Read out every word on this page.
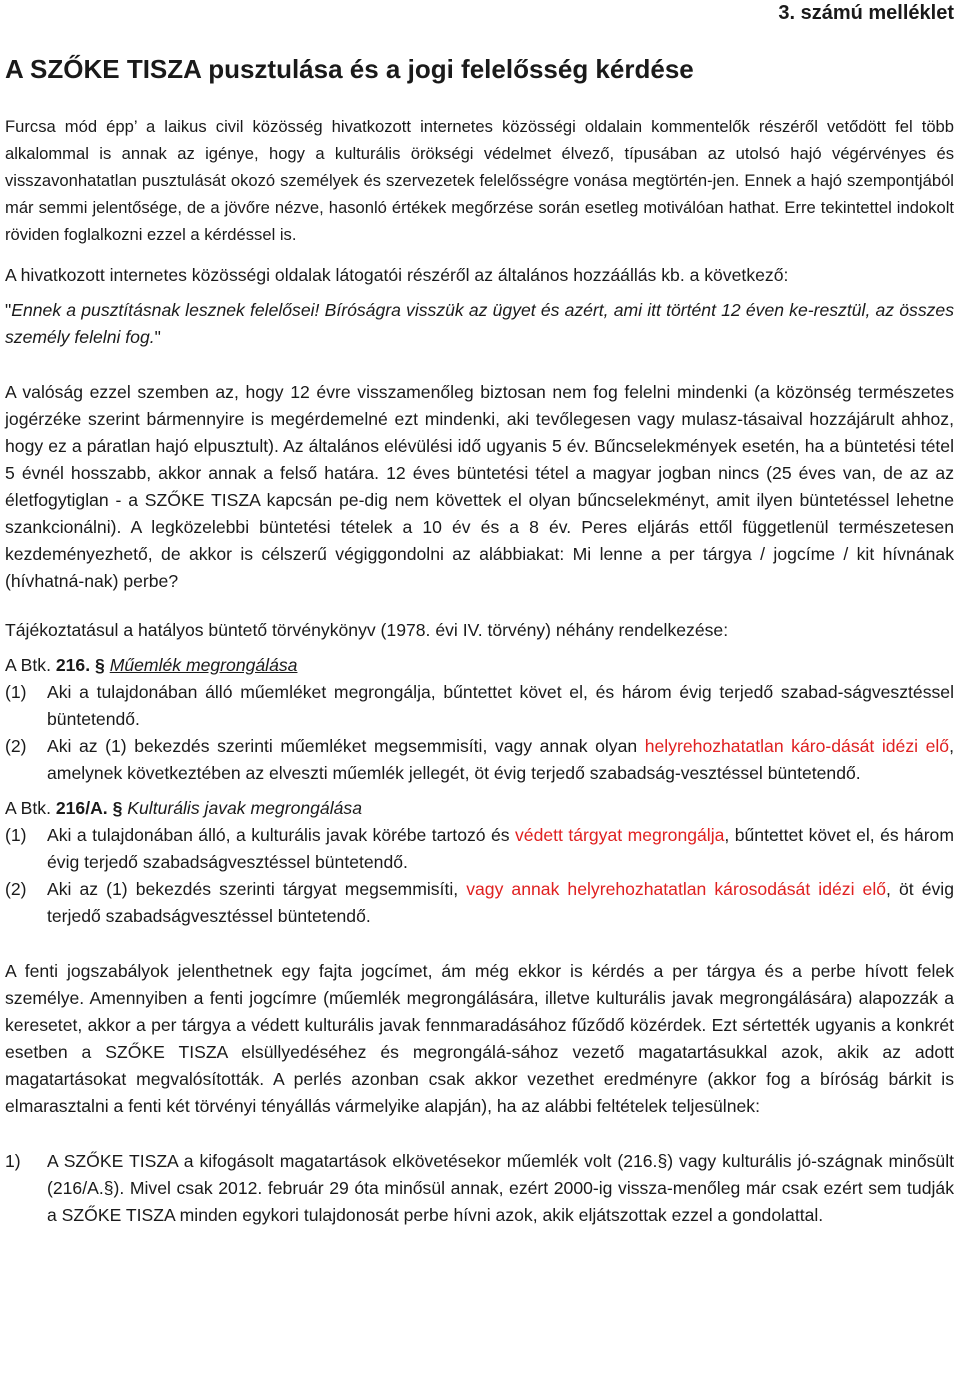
3. számú melléklet
A SZŐKE TISZA pusztulása és a jogi felelősség kérdése

Furcsa mód épp’ a laikus civil közösség hivatkozott internetes közösségi oldalain kommentelők részéről vetődött fel több alkalommal is annak az igénye, hogy a kulturális örökségi védelmet élvező, típusában az utolsó hajó végérvényes és visszavonhatatlan pusztulását okozó személyek és szervezetek felelősségre vonása megtörtén-jen. Ennek a hajó szempontjából már semmi jelentősége, de a jövőre nézve, hasonló értékek megőrzése során esetleg motiválóan hathat. Erre tekintettel indokolt röviden foglalkozni ezzel a kérdéssel is.

A hivatkozott internetes közösségi oldalak látogatói részéről az általános hozzáállás kb. a következő:

"Ennek a pusztításnak lesznek felelősei! Bíróságra visszük az ügyet és azért, ami itt történt 12 éven ke-resztül, az összes személy felelni fog."

A valóság ezzel szemben az, hogy 12 évre visszamenőleg biztosan nem fog felelni mindenki (a közönség természetes jogérzéke szerint bármennyire is megérdemelné ezt mindenki, aki tevőlegesen vagy mulasz-tásaival hozzájárult ahhoz, hogy ez a páratlan hajó elpusztult). Az általános elévülési idő ugyanis 5 év. Bűncselekmények esetén, ha a büntetési tétel 5 évnél hosszabb, akkor annak a felső határa. 12 éves büntetési tétel a magyar jogban nincs (25 éves van, de az az életfogytiglan - a SZŐKE TISZA kapcsán pe-dig nem követtek el olyan bűncselekményt, amit ilyen büntetéssel lehetne szankcionálni). A legközelebbi büntetési tételek a 10 év és a 8 év. Peres eljárás ettől függetlenül természetesen kezdeményezhető, de akkor is célszerű végiggondolni az alábbiakat: Mi lenne a per tárgya / jogcíme / kit hívnának (hívhatná-nak) perbe?

Tájékoztatásul a hatályos büntető törvénykönyv (1978. évi IV. törvény) néhány rendelkezése:

A Btk. 216. § Műemlék megrongálása

(1)	Aki a tulajdonában álló műemléket megrongálja, bűntettet követ el, és három évig terjedő szabad-ságvesztéssel büntetendő.
(2)	Aki az (1) bekezdés szerinti műemléket megsemmisíti, vagy annak olyan helyrehozhatatlan káro-dását idézi elő, amelynek következtében az elveszti műemlék jellegét, öt évig terjedő szabadság-vesztéssel büntetendő.

A Btk. 216/A. § Kulturális javak megrongálása

(1)	Aki a tulajdonában álló, a kulturális javak körébe tartozó és védett tárgyat megrongálja, bűntettet követ el, és három évig terjedő szabadságvesztéssel büntetendő.
(2)	Aki az (1) bekezdés szerinti tárgyat megsemmisíti, vagy annak helyrehozhatatlan károsodását idézi elő, öt évig terjedő szabadságvesztéssel büntetendő.

A fenti jogszabályok jelenthetnek egy fajta jogcímet, ám még ekkor is kérdés a per tárgya és a perbe hívott felek személye. Amennyiben a fenti jogcímre (műemlék megrongálására, illetve kulturális javak megrongálására) alapozzák a keresetet, akkor a per tárgya a védett kulturális javak fennmaradásához fűződő közérdek. Ezt sértették ugyanis a konkrét esetben a SZŐKE TISZA elsüllyedéséhez és megrongálá-sához vezető magatartásukkal azok, akik az adott magatartásokat megvalósították. A perlés azonban csak akkor vezethet eredményre (akkor fog a bíróság bárkit is elmarasztalni a fenti két törvényi tényállás vármelyike alapján), ha az alábbi feltételek teljesülnek:

1)	A SZŐKE TISZA a kifogásolt magatartások elkövetésekor műemlék volt (216.§) vagy kulturális jó-szágnak minősült (216/A.§). Mivel csak 2012. február 29 óta minősül annak, ezért 2000-ig vissza-menőleg már csak ezért sem tudják a SZŐKE TISZA minden egykori tulajdonosát perbe hívni azok, akik eljátszottak ezzel a gondolattal.
